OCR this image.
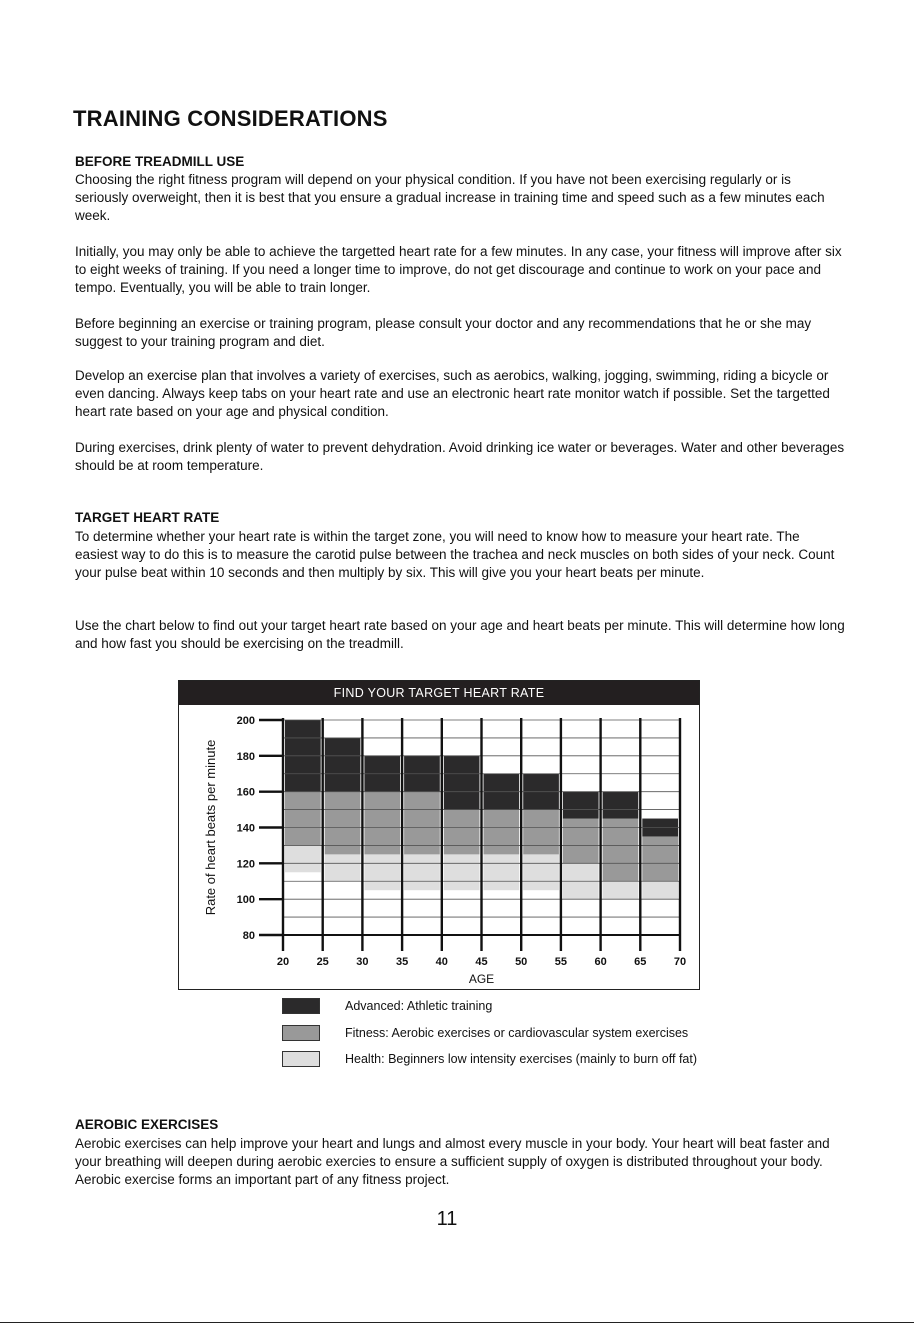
TRAINING CONSIDERATIONS
BEFORE TREADMILL USE

Choosing the right fitness program will depend on your physical condition. If you have not been exercising regularly or is seriously overweight, then it is best that you ensure a gradual increase in training time and speed such as a few minutes each week.

Initially, you may only be able to achieve the targetted heart rate for a few minutes. In any case, your fitness will improve after six to eight weeks of training. If you need a longer time to improve, do not get discourage and continue to work on your pace and tempo. Eventually, you will be able to train longer.

Before beginning an exercise or training program, please consult your doctor and any recommendations that he or she may suggest to your training program and diet.

Develop an exercise plan that involves a variety of exercises, such as aerobics, walking, jogging, swimming, riding a bicycle or even dancing. Always keep tabs on your heart rate and use an electronic heart rate monitor watch if possible. Set the targetted heart rate based on your age and physical condition.

During exercises, drink plenty of water to prevent dehydration. Avoid drinking ice water or beverages. Water and other beverages should be at room temperature.

TARGET HEART RATE

To determine whether your heart rate is within the target zone, you will need to know how to measure your heart rate. The easiest way to do this is to measure the carotid pulse between the trachea and neck muscles on both sides of your neck. Count your pulse beat within 10 seconds and then multiply by six. This will give you your heart beats per minute.

Use the chart below to find out your target heart rate based on your age and heart beats per minute. This will determine how long and how fast you should be exercising on the treadmill.

FIND YOUR TARGET HEART RATE
80
100
120
140
160
180
200
20 25 30 35 40 45 50 55 60 65 70
AGE
Rate of heart beats per minute
Advanced: Athletic training
Fitness: Aerobic exercises or cardiovascular system exercises
Health: Beginners low intensity exercises (mainly to burn off fat)
AEROBIC EXERCISES

Aerobic exercises can help improve your heart and lungs and almost every muscle in your body. Your heart will beat faster and your breathing will deepen during aerobic exercies to ensure a sufficient supply of oxygen is distributed throughout your body. Aerobic exercise forms an important part of any fitness project.

11
